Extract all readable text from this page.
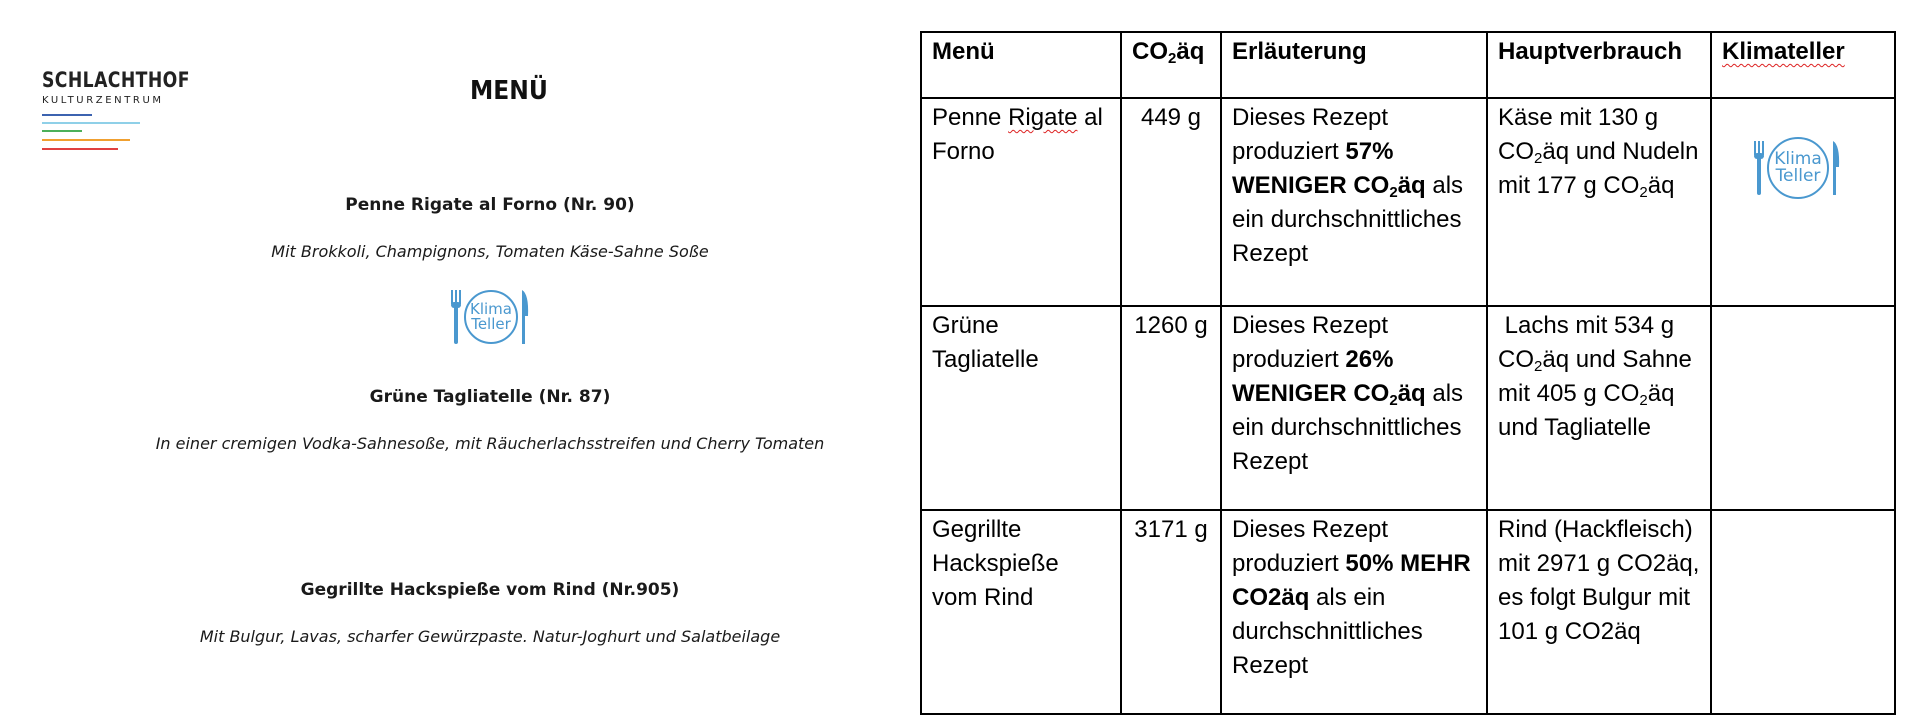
SCHLACHTHOF
KULTURZENTRUM	MENÜ
Penne Rigate al Forno (Nr. 90)
Mit Brokkoli, Champignons, Tomaten Käse-Sahne Soße
Klima
Teller
Grüne Tagliatelle (Nr. 87)
In einer cremigen Vodka-Sahnesoße, mit Räucherlachsstreifen und Cherry Tomaten
Gegrillte Hackspieße vom Rind (Nr.905)
Mit Bulgur, Lavas, scharfer Gewürzpaste. Natur-Joghurt und Salatbeilage
Menü	$CO_2äq$	Erläuterung	Hauptverbrauch	Klimateller
Penne Rigate al Forno	449 g	Dieses Rezept produziert 57% WENIGER $CO_2äq$ als ein durchschnittliches Rezept	Käse mit 130 g $CO_2äq$ und Nudeln mit 177 g $CO_2äq$	Klima
Teller

Grüne Tagliatelle	1260 g	Dieses Rezept produziert 26% WENIGER $CO_2äq$ als ein durchschnittliches Rezept	Lachs mit 534 g $CO_2äq$ und Sahne mit 405 g $CO_2äq$ und Tagliatelle	
Gegrillte Hackspieße vom Rind	3171 g	Dieses Rezept produziert 50% MEHR CO2äq als ein durchschnittliches Rezept	Rind (Hackfleisch) mit 2971 g CO2äq, es folgt Bulgur mit 101 g CO2äq	
